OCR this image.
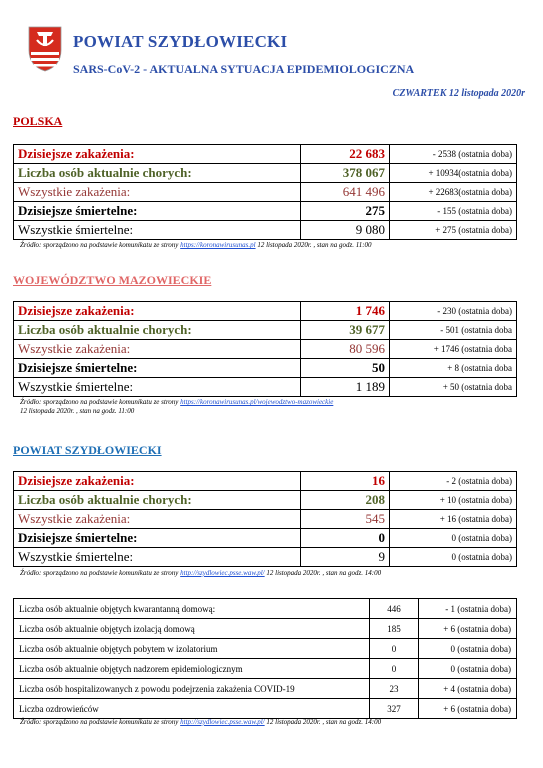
POWIAT SZYDŁOWIECKI
SARS-CoV-2 - AKTUALNA SYTUACJA EPIDEMIOLOGICZNA
CZWARTEK 12 listopada 2020r
POLSKA
Dzisiejsze zakażenia:	22 683	- 2538 (ostatnia doba)
Liczba osób aktualnie chorych:	378 067	+ 10934(ostatnia doba)
Wszystkie zakażenia:	641 496	+ 22683(ostatnia doba)
Dzisiejsze śmiertelne:	275	- 155 (ostatnia doba)
Wszystkie śmiertelne:	9 080	+ 275 (ostatnia doba)
Źródło: sporządzono na podstawie komunikatu ze strony https://koronawirusunas.pl 12 listopada 2020r. , stan na godz. 11:00
WOJEWÓDZTWO MAZOWIECKIE
Dzisiejsze zakażenia:	1 746	- 230 (ostatnia doba)
Liczba osób aktualnie chorych:	39 677	- 501 (ostatnia doba
Wszystkie zakażenia:	80 596	+ 1746 (ostatnia doba
Dzisiejsze śmiertelne:	50	+ 8 (ostatnia doba
Wszystkie śmiertelne:	1 189	+ 50 (ostatnia doba
Źródło: sporządzono na podstawie komunikatu ze strony https://koronawirusunas.pl/wojewodztwo-mazowieckie
12 listopada 2020r. , stan na godz. 11:00
POWIAT SZYDŁOWIECKI
Dzisiejsze zakażenia:	16	- 2 (ostatnia doba)
Liczba osób aktualnie chorych:	208	+ 10 (ostatnia doba)
Wszystkie zakażenia:	545	+ 16 (ostatnia doba)
Dzisiejsze śmiertelne:	0	0 (ostatnia doba)
Wszystkie śmiertelne:	9	0 (ostatnia doba)
Źródło: sporządzono na podstawie komunikatu ze strony http://szydlowiec.psse.waw.pl/ 12 listopada 2020r. , stan na godz. 14:00
Liczba osób aktualnie objętych kwarantanną domową:	446	- 1 (ostatnia doba)
Liczba osób aktualnie objętych izolacją domową	185	+ 6 (ostatnia doba)
Liczba osób aktualnie objętych pobytem w izolatorium	0	0 (ostatnia doba)
Liczba osób aktualnie objętych nadzorem epidemiologicznym	0	0 (ostatnia doba)
Liczba osób hospitalizowanych z powodu podejrzenia zakażenia COVID-19	23	+ 4 (ostatnia doba)
Liczba ozdrowieńców	327	+ 6 (ostatnia doba)
Źródło: sporządzono na podstawie komunikatu ze strony http://szydlowiec.psse.waw.pl/ 12 listopada 2020r. , stan na godz. 14:00
